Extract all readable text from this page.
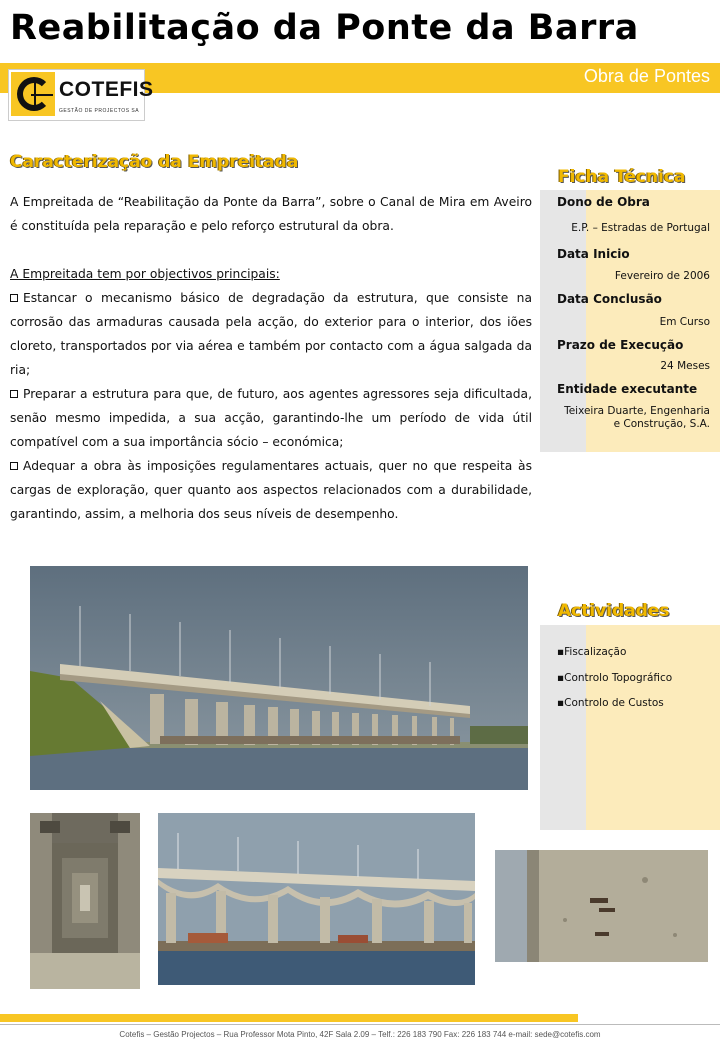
Reabilitação da Ponte da Barra
Obra de Pontes
COTEFIS
GESTÃO DE PROJECTOS SA
Caracterização da Empreitada

A Empreitada de “Reabilitação da Ponte da Barra”, sobre o Canal de Mira em Aveiro é constituída pela reparação e pelo reforço estrutural da obra.

A Empreitada tem por objectivos principais:

Estancar o mecanismo básico de degradação da estrutura, que consiste na corrosão das armaduras causada pela acção, do exterior para o interior, dos iões cloreto, transportados por via aérea e também por contacto com a água salgada da ria;

Preparar a estrutura para que, de futuro, aos agentes agressores seja dificultada, senão mesmo impedida, a sua acção, garantindo-lhe um período de vida útil compatível com a sua importância sócio – económica;

Adequar a obra às imposições regulamentares actuais, quer no que respeita às cargas de exploração, quer quanto aos aspectos relacionados com a durabilidade, garantindo, assim, a melhoria dos seus níveis de desempenho.

Ficha Técnica
Dono de Obra
E.P. – Estradas de Portugal
Data Inicio
Fevereiro de 2006
Data Conclusão
Em Curso
Prazo de Execução
24 Meses
Entidade executante
Teixeira Duarte, Engenharia
e Construção, S.A.
Actividades
▪Fiscalização
▪Controlo Topográfico
▪Controlo de Custos
Cotefis – Gestão Projectos – Rua Professor Mota Pinto, 42F Sala 2.09 – Telf.: 226 183 790 Fax: 226 183 744 e-mail: sede@cotefis.com
